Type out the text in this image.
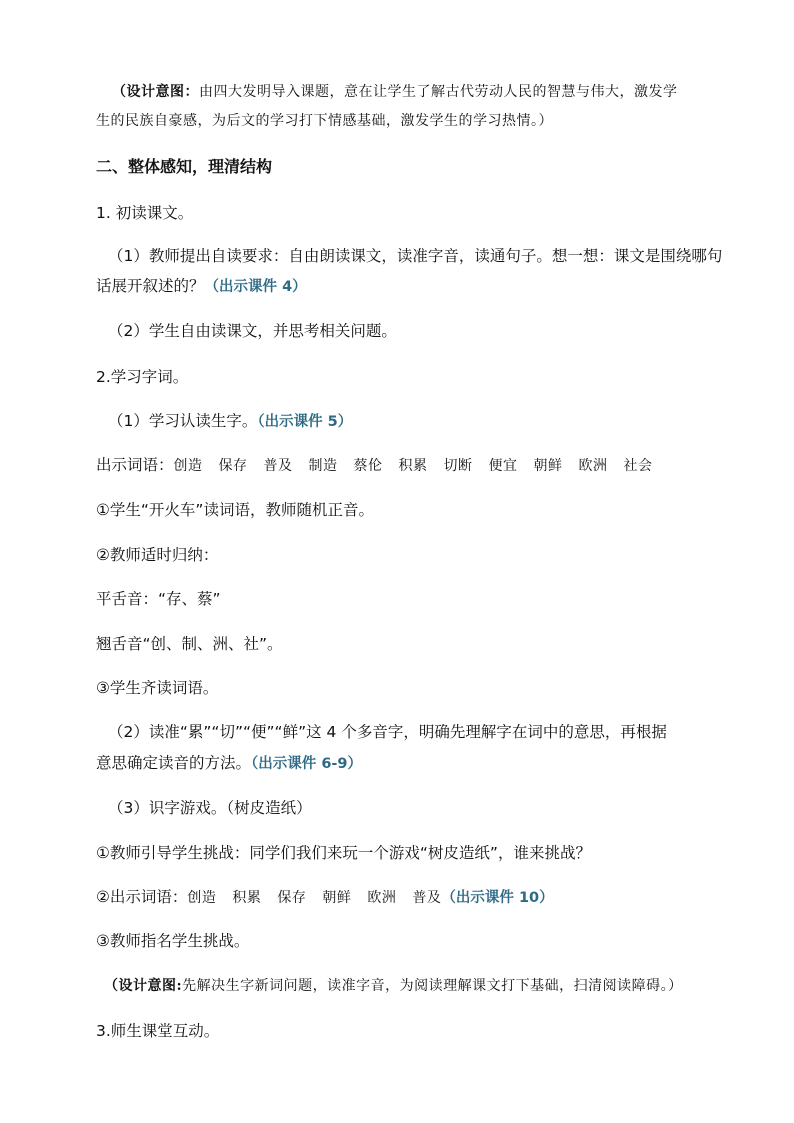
（设计意图：由四大发明导入课题，意在让学生了解古代劳动人民的智慧与伟大，激发学
生的民族自豪感，为后文的学习打下情感基础，激发学生的学习热情。）
二、整体感知，理清结构
1. 初读课文。
（1）教师提出自读要求：自由朗读课文，读准字音，读通句子。想一想：课文是围绕哪句
话展开叙述的？（出示课件 4）
（2）学生自由读课文，并思考相关问题。
2.学习字词。
（1）学习认读生字。（出示课件 5）
出示词语：创造 保存 普及 制造 蔡伦 积累 切断 便宜 朝鲜 欧洲 社会
①学生“开火车”读词语，教师随机正音。
②教师适时归纳：
平舌音：“存、蔡”
翘舌音“创、制、洲、社”。
③学生齐读词语。
（2）读准“累”“切”“便”“鲜”这 4 个多音字，明确先理解字在词中的意思，再根据
意思确定读音的方法。（出示课件 6-9）
（3）识字游戏。（树皮造纸）
①教师引导学生挑战：同学们我们来玩一个游戏“树皮造纸”，谁来挑战？
②出示词语：创造 积累 保存 朝鲜 欧洲 普及（出示课件 10）
③教师指名学生挑战。
（设计意图:先解决生字新词问题，读准字音，为阅读理解课文打下基础，扫清阅读障碍。）
3.师生课堂互动。
